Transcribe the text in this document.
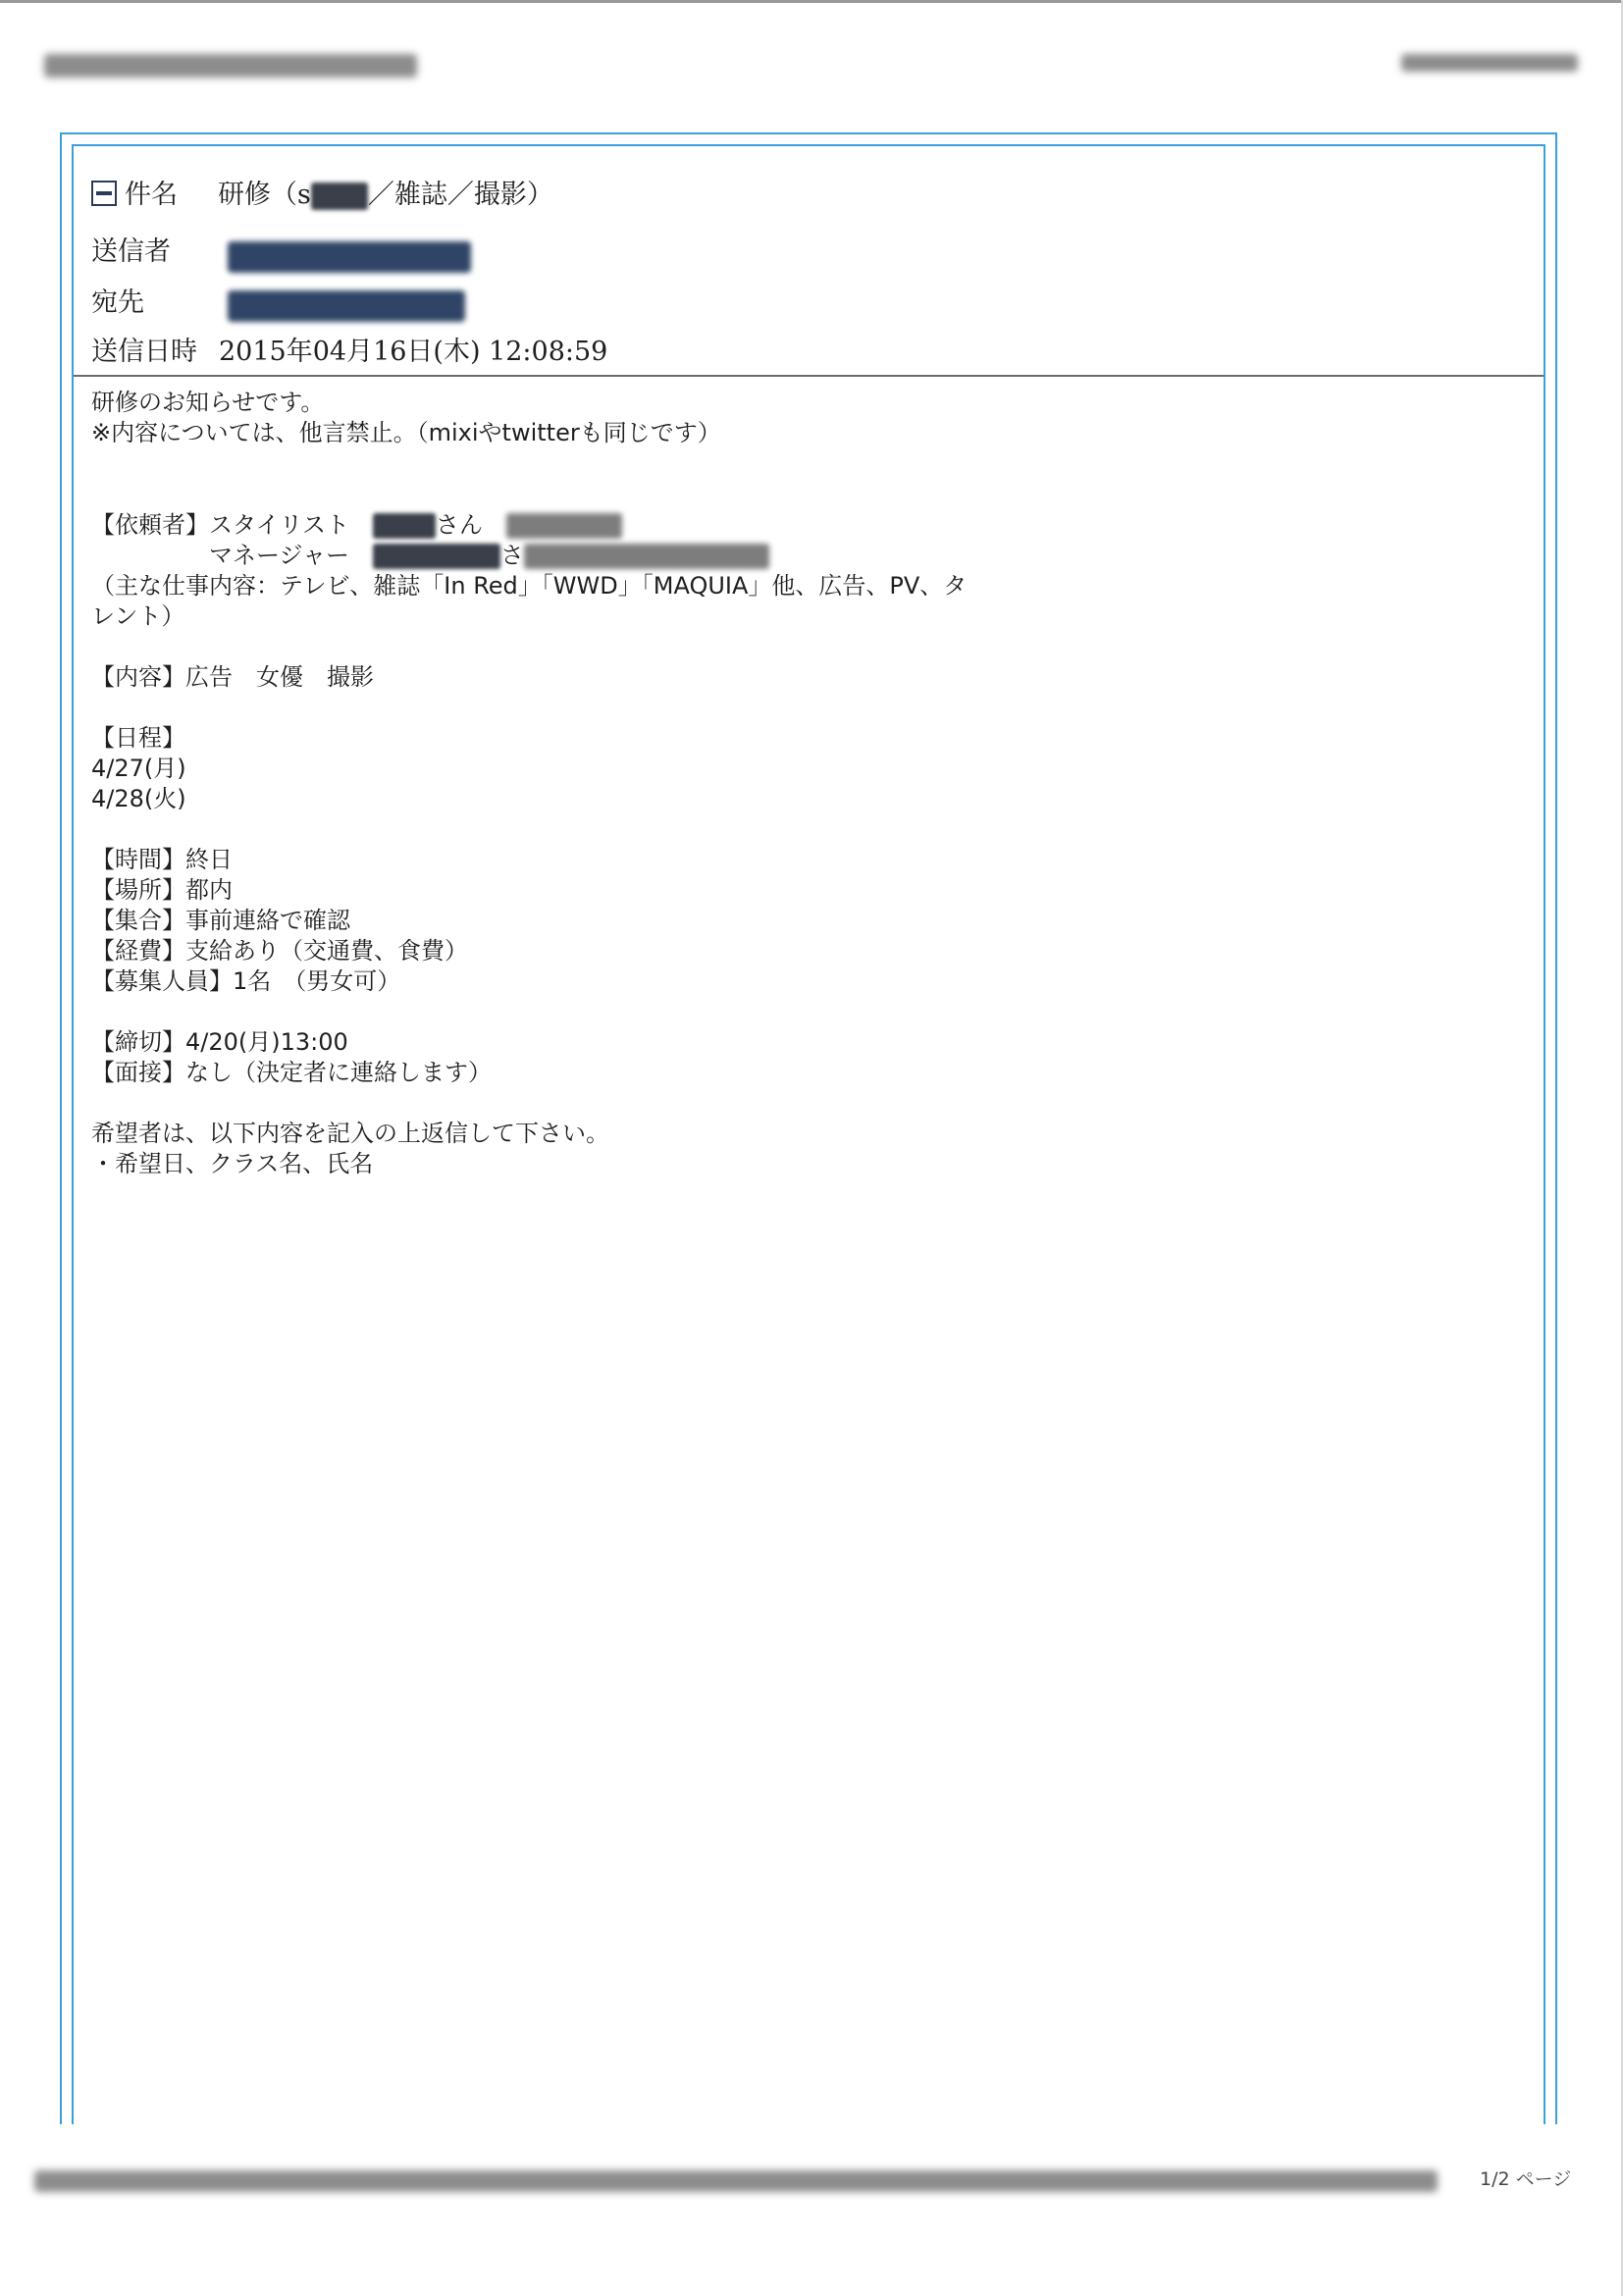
件名 研修（s ／雑誌／撮影）
送信者
宛先
送信日時 2015年04月16日(木) 12:08:59
研修のお知らせです。
※内容については、他言禁止。（mixiやtwitterも同じです）
【依頼者】スタイリスト　	さん　
　　　　　マネージャー　	さ
（主な仕事内容：テレビ、雑誌「In Red」「WWD」「MAQUIA」他、広告、PV、タ
レント）
【内容】広告　女優　撮影
【日程】
4/27(月)
4/28(火)
【時間】終日
【場所】都内
【集合】事前連絡で確認
【経費】支給あり（交通費、食費）
【募集人員】1名　（男女可）
【締切】4/20(月)13:00
【面接】なし（決定者に連絡します）
希望者は、以下内容を記入の上返信して下さい。
・希望日、クラス名、氏名
1/2 ページ
